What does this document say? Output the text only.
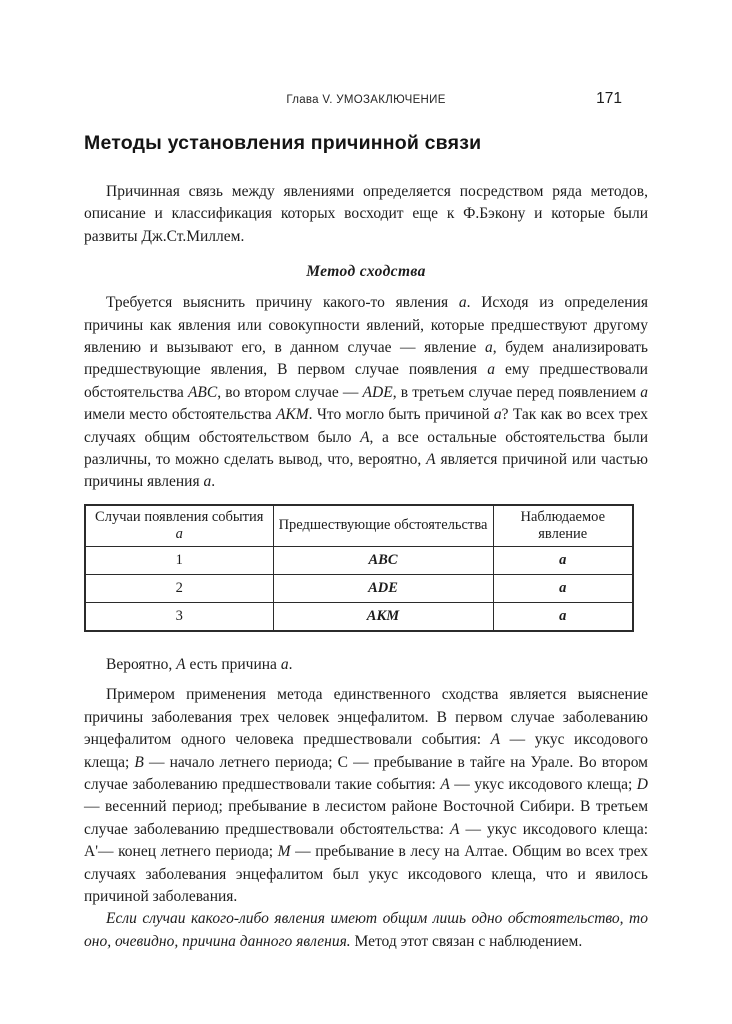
Глава V. УМОЗАКЛЮЧЕНИЕ	171
Методы установления причинной связи

Причинная связь между явлениями определяется посредством ряда методов, описание и классификация которых восходит еще к Ф.Бэкону и которые были развиты Дж.Ст.Миллем.

Метод сходства

Требуется выяснить причину какого-то явления а. Исходя из определения причины как явления или совокупности явлений, которые предшествуют другому явлению и вызывают его, в данном случае — явление а, будем анализировать предшествующие явления, В первом случае появления а ему предшествовали обстоятельства ABC, во втором случае — ADE, в третьем случае перед появлением а имели место обстоятельства AKM. Что могло быть причиной а? Так как во всех трех случаях общим обстоятельством было A, а все остальные обстоятельства были различны, то можно сделать вывод, что, вероятно, A является причиной или частью причины явления a.

Случаи появления события а	Предшествующие обстоятельства	Наблюдаемое явление
1	ABC	а
2	ADE	а
3	АКМ	а

Вероятно, А есть причина а.

Примером применения метода единственного сходства является выяснение причины заболевания трех человек энцефалитом. В первом случае заболеванию энцефалитом одного человека предшествовали события: А — укус иксодового клеща; В — начало летнего периода; С — пребывание в тайге на Урале. Во втором случае заболеванию предшествовали такие события: А — укус иксодового клеща; D — весенний период; пребывание в лесистом районе Восточной Сибири. В третьем случае заболеванию предшествовали обстоятельства: А — укус иксодового клеща: А'— конец летнего периода; М — пребывание в лесу на Алтае. Общим во всех трех случаях заболевания энцефалитом был укус иксодового клеща, что и явилось причиной заболевания.

Если случаи какого-либо явления имеют общим лишь одно обстоятельство, то оно, очевидно, причина данного явления. Метод этот связан с наблюдением.
